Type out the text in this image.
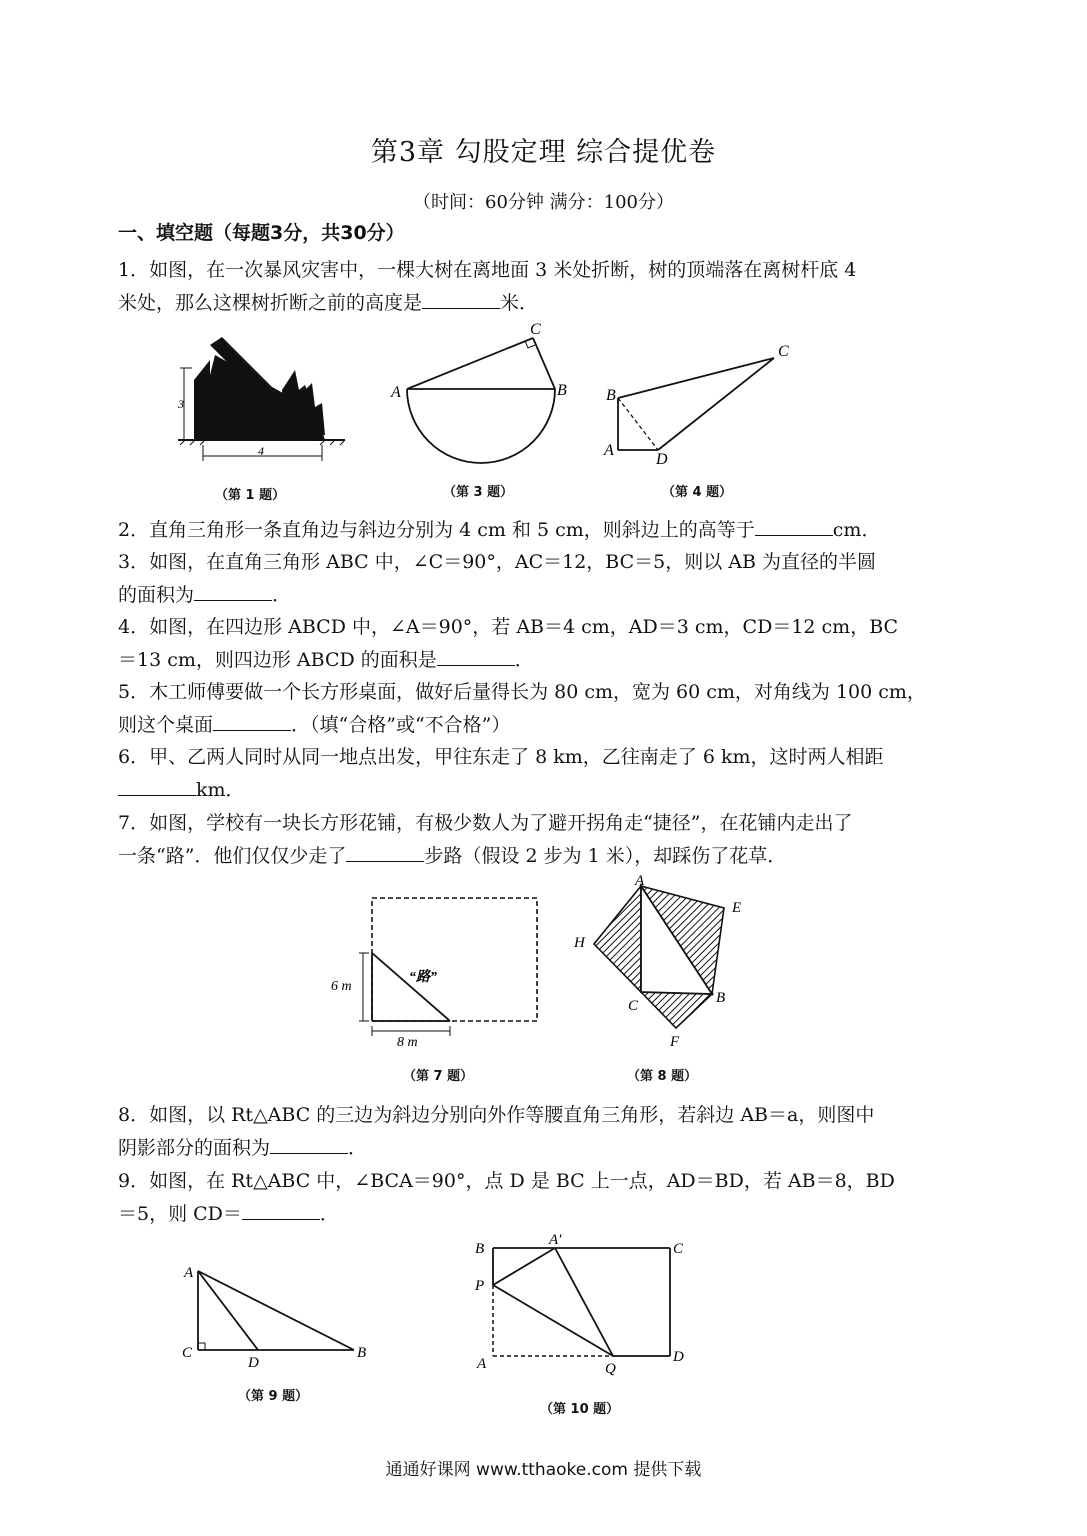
第3章 勾股定理 综合提优卷
（时间：60分钟 满分：100分）
一、填空题（每题3分，共30分）
1．如图，在一次暴风灾害中，一棵大树在离地面 3 米处折断，树的顶端落在离树杆底 4
米处，那么这棵树折断之前的高度是	米．
3
4
（第 1 题）
A	B
C
（第 3 题）
B
A
C
D
（第 4 题）
2．直角三角形一条直角边与斜边分别为 4 cm 和 5 cm，则斜边上的高等于	cm．
3．如图，在直角三角形 ABC 中，∠C＝90°，AC＝12，BC＝5，则以 AB 为直径的半圆
的面积为	．
4．如图，在四边形 ABCD 中，∠A＝90°，若 AB＝4 cm，AD＝3 cm，CD＝12 cm，BC
＝13 cm，则四边形 ABCD 的面积是	．
5．木工师傅要做一个长方形桌面，做好后量得长为 80 cm，宽为 60 cm，对角线为 100 cm，
则这个桌面	．（填“合格”或“不合格”）
6．甲、乙两人同时从同一地点出发，甲往东走了 8 km，乙往南走了 6 km，这时两人相距
km．
7．如图，学校有一块长方形花铺，有极少数人为了避开拐角走“捷径”，在花铺内走出了
一条“路”．他们仅仅少走了	步路（假设 2 步为 1 米），却踩伤了花草．
6 m
8 m
“路”
（第 7 题）
A
E
H
C	B
F
（第 8 题）
8．如图，以 Rt△ABC 的三边为斜边分别向外作等腰直角三角形，若斜边 AB＝a，则图中
阴影部分的面积为	．
9．如图，在 Rt△ABC 中，∠BCA＝90°，点 D 是 BC 上一点，AD＝BD，若 AB＝8，BD
＝5，则 CD＝	．
A
C
D
B
（第 9 题）
B
A′
C
P
A	Q
D
（第 10 题）
通通好课网 www.tthaoke.com 提供下载
